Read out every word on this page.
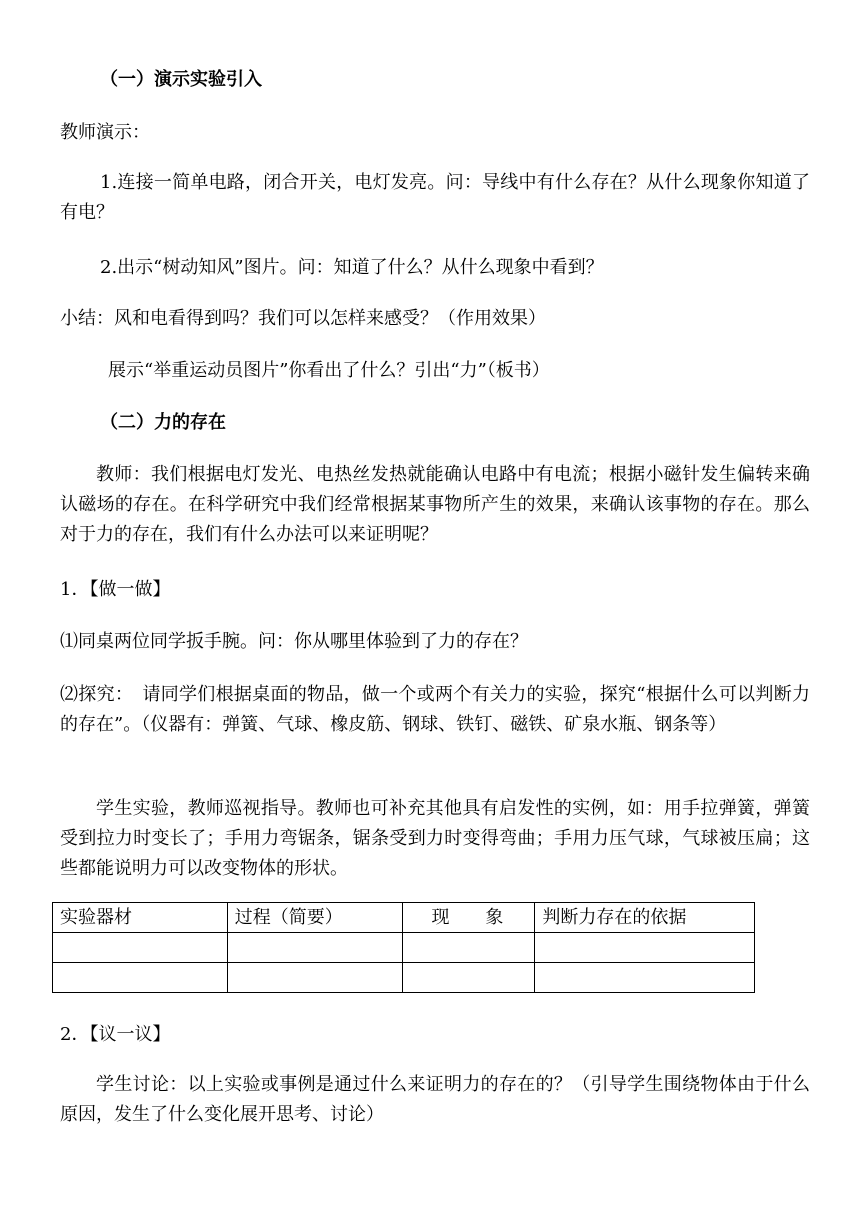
（一）演示实验引入
教师演示：
1.连接一简单电路，闭合开关，电灯发亮。问：导线中有什么存在？从什么现象你知道了有电？
2.出示“树动知风”图片。问：知道了什么？从什么现象中看到？
小结：风和电看得到吗？我们可以怎样来感受？（作用效果）
展示“举重运动员图片”你看出了什么？引出“力”（板书）
（二）力的存在
教师：我们根据电灯发光、电热丝发热就能确认电路中有电流；根据小磁针发生偏转来确认磁场的存在。在科学研究中我们经常根据某事物所产生的效果，来确认该事物的存在。那么对于力的存在，我们有什么办法可以来证明呢？
1．【做一做】
⑴同桌两位同学扳手腕。问：你从哪里体验到了力的存在？
⑵探究：　请同学们根据桌面的物品，做一个或两个有关力的实验，探究“根据什么可以判断力的存在”。（仪器有：弹簧、气球、橡皮筋、钢球、铁钉、磁铁、矿泉水瓶、钢条等）
学生实验，教师巡视指导。教师也可补充其他具有启发性的实例，如：用手拉弹簧，弹簧受到拉力时变长了；手用力弯锯条，锯条受到力时变得弯曲；手用力压气球，气球被压扁；这些都能说明力可以改变物体的形状。
实验器材	过程（简要）	现　　象	判断力存在的依据

2．【议一议】
学生讨论：以上实验或事例是通过什么来证明力的存在的？（引导学生围绕物体由于什么原因，发生了什么变化展开思考、讨论）
